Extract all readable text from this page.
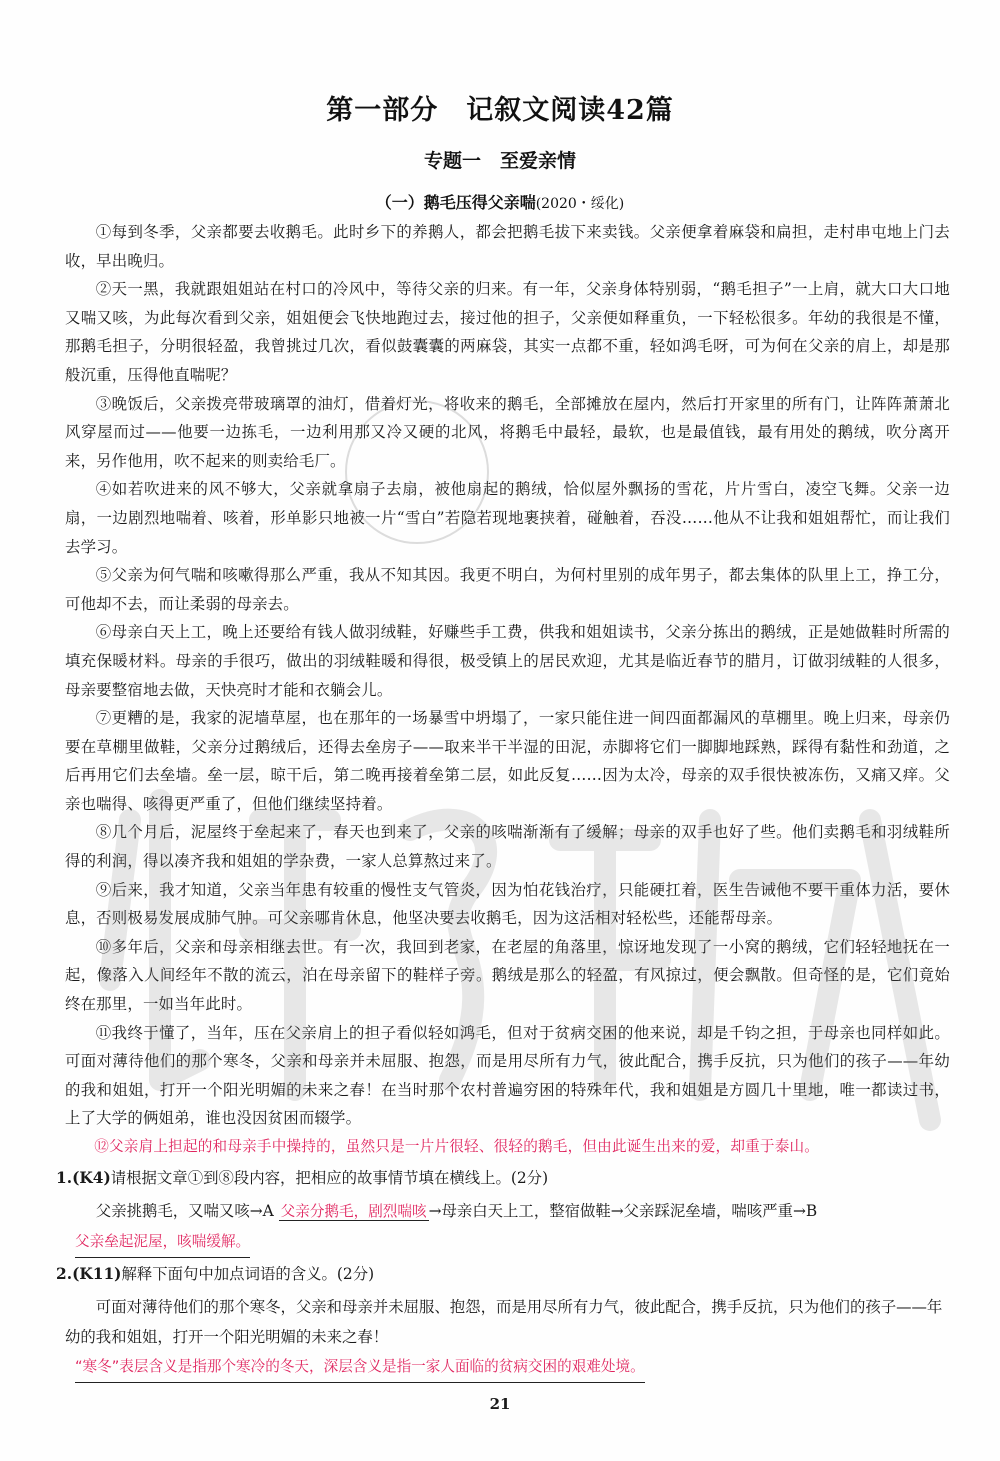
第一部分　记叙文阅读42篇
专题一　至爱亲情
（一）鹅毛压得父亲喘(2020・绥化)

①每到冬季，父亲都要去收鹅毛。此时乡下的养鹅人，都会把鹅毛拔下来卖钱。父亲便拿着麻袋和扁担，走村串屯地上门去收，早出晚归。

②天一黑，我就跟姐姐站在村口的冷风中，等待父亲的归来。有一年，父亲身体特别弱，“鹅毛担子”一上肩，就大口大口地又喘又咳，为此每次看到父亲，姐姐便会飞快地跑过去，接过他的担子，父亲便如释重负，一下轻松很多。年幼的我很是不懂，那鹅毛担子，分明很轻盈，我曾挑过几次，看似鼓囊囊的两麻袋，其实一点都不重，轻如鸿毛呀，可为何在父亲的肩上，却是那般沉重，压得他直喘呢？

③晚饭后，父亲拨亮带玻璃罩的油灯，借着灯光，将收来的鹅毛，全部摊放在屋内，然后打开家里的所有门，让阵阵萧萧北风穿屋而过——他要一边拣毛，一边利用那又冷又硬的北风，将鹅毛中最轻，最软，也是最值钱，最有用处的鹅绒，吹分离开来，另作他用，吹不起来的则卖给毛厂。

④如若吹进来的风不够大，父亲就拿扇子去扇，被他扇起的鹅绒，恰似屋外飘扬的雪花，片片雪白，凌空飞舞。父亲一边扇，一边剧烈地喘着、咳着，形单影只地被一片“雪白”若隐若现地裹挟着，碰触着，吞没……他从不让我和姐姐帮忙，而让我们去学习。

⑤父亲为何气喘和咳嗽得那么严重，我从不知其因。我更不明白，为何村里别的成年男子，都去集体的队里上工，挣工分，可他却不去，而让柔弱的母亲去。

⑥母亲白天上工，晚上还要给有钱人做羽绒鞋，好赚些手工费，供我和姐姐读书，父亲分拣出的鹅绒，正是她做鞋时所需的填充保暖材料。母亲的手很巧，做出的羽绒鞋暖和得很，极受镇上的居民欢迎，尤其是临近春节的腊月，订做羽绒鞋的人很多，母亲要整宿地去做，天快亮时才能和衣躺会儿。

⑦更糟的是，我家的泥墙草屋，也在那年的一场暴雪中坍塌了，一家只能住进一间四面都漏风的草棚里。晚上归来，母亲仍要在草棚里做鞋，父亲分过鹅绒后，还得去垒房子——取来半干半湿的田泥，赤脚将它们一脚脚地踩熟，踩得有黏性和劲道，之后再用它们去垒墙。垒一层，晾干后，第二晚再接着垒第二层，如此反复……因为太冷，母亲的双手很快被冻伤，又痛又痒。父亲也喘得、咳得更严重了，但他们继续坚持着。

⑧几个月后，泥屋终于垒起来了，春天也到来了，父亲的咳喘渐渐有了缓解；母亲的双手也好了些。他们卖鹅毛和羽绒鞋所得的利润，得以凑齐我和姐姐的学杂费，一家人总算熬过来了。

⑨后来，我才知道，父亲当年患有较重的慢性支气管炎，因为怕花钱治疗，只能硬扛着，医生告诫他不要干重体力活，要休息，否则极易发展成肺气肿。可父亲哪肯休息，他坚决要去收鹅毛，因为这活相对轻松些，还能帮母亲。

⑩多年后，父亲和母亲相继去世。有一次，我回到老家，在老屋的角落里，惊讶地发现了一小窝的鹅绒，它们轻轻地抚在一起，像落入人间经年不散的流云，泊在母亲留下的鞋样子旁。鹅绒是那么的轻盈，有风掠过，便会飘散。但奇怪的是，它们竟始终在那里，一如当年此时。

⑪我终于懂了，当年，压在父亲肩上的担子看似轻如鸿毛，但对于贫病交困的他来说，却是千钧之担，于母亲也同样如此。可面对薄待他们的那个寒冬，父亲和母亲并未屈服、抱怨，而是用尽所有力气，彼此配合，携手反抗，只为他们的孩子——年幼的我和姐姐，打开一个阳光明媚的未来之春！在当时那个农村普遍穷困的特殊年代，我和姐姐是方圆几十里地，唯一都读过书，上了大学的俩姐弟，谁也没因贫困而辍学。

⑫父亲肩上担起的和母亲手中操持的，虽然只是一片片很轻、很轻的鹅毛，但由此诞生出来的爱，却重于泰山。

1.(K4)请根据文章①到⑧段内容，把相应的故事情节填在横线上。(2分)
父亲挑鹅毛，又喘又咳→A 父亲分鹅毛，剧烈喘咳 →母亲白天上工，整宿做鞋→父亲踩泥垒墙，喘咳严重→B
父亲垒起泥屋，咳喘缓解。
2.(K11)解释下面句中加点词语的含义。(2分)

可面对薄待他们的那个寒冬，父亲和母亲并未屈服、抱怨，而是用尽所有力气，彼此配合，携手反抗，只为他们的孩子——年幼的我和姐姐，打开一个阳光明媚的未来之春！

“寒冬”表层含义是指那个寒冷的冬天，深层含义是指一家人面临的贫病交困的艰难处境。
21
